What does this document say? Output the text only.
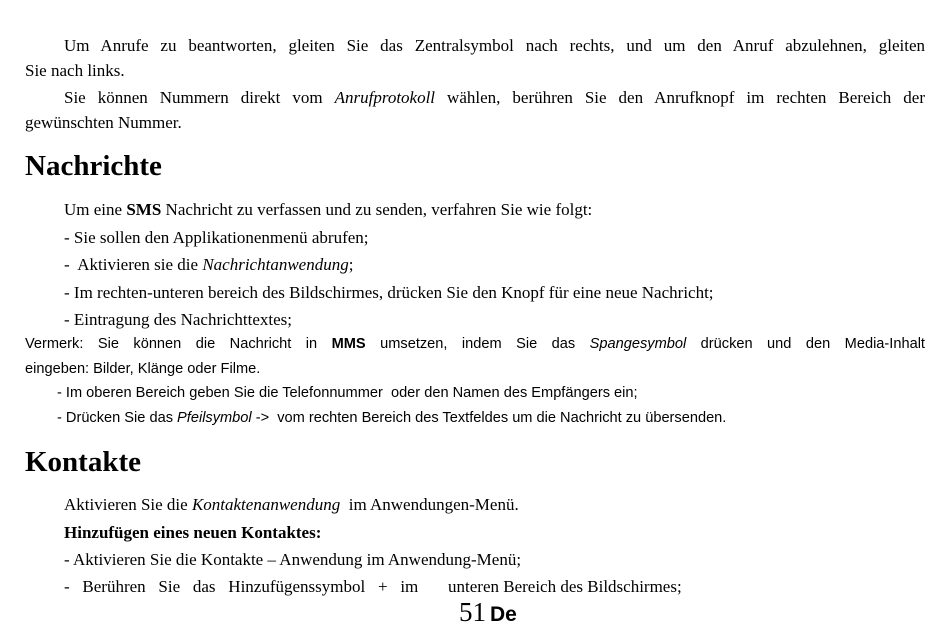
Um Anrufe zu beantworten, gleiten Sie das Zentralsymbol nach rechts, und um den Anruf abzulehnen, gleiten
Sie nach links.
Sie können Nummern direkt vom Anrufprotokoll wählen, berühren Sie den Anrufknopf im rechten Bereich der
gewünschten Nummer.
Nachrichte
Um eine SMS Nachricht zu verfassen und zu senden, verfahren Sie wie folgt:
- Sie sollen den Applikationenmenü abrufen;
-  Aktivieren sie die Nachrichtanwendung;
- Im rechten-unteren bereich des Bildschirmes, drücken Sie den Knopf für eine neue Nachricht;
- Eintragung des Nachrichttextes;
Vermerk: Sie können die Nachricht in MMS umsetzen, indem Sie das Spangesymbol drücken und den Media-Inhalt
eingeben: Bilder, Klänge oder Filme.
- Im oberen Bereich geben Sie die Telefonnummer  oder den Namen des Empfängers ein;
- Drücken Sie das Pfeilsymbol ->  vom rechten Bereich des Textfeldes um die Nachricht zu übersenden.
Kontakte
Aktivieren Sie die Kontaktenanwendung  im Anwendungen-Menü.
Hinzufügen eines neuen Kontaktes:
- Aktivieren Sie die Kontakte – Anwendung im Anwendung-Menü;
-   Berühren   Sie   das   Hinzufügenssymbol   +   im       unteren Bereich des Bildschirmes;
51 De
